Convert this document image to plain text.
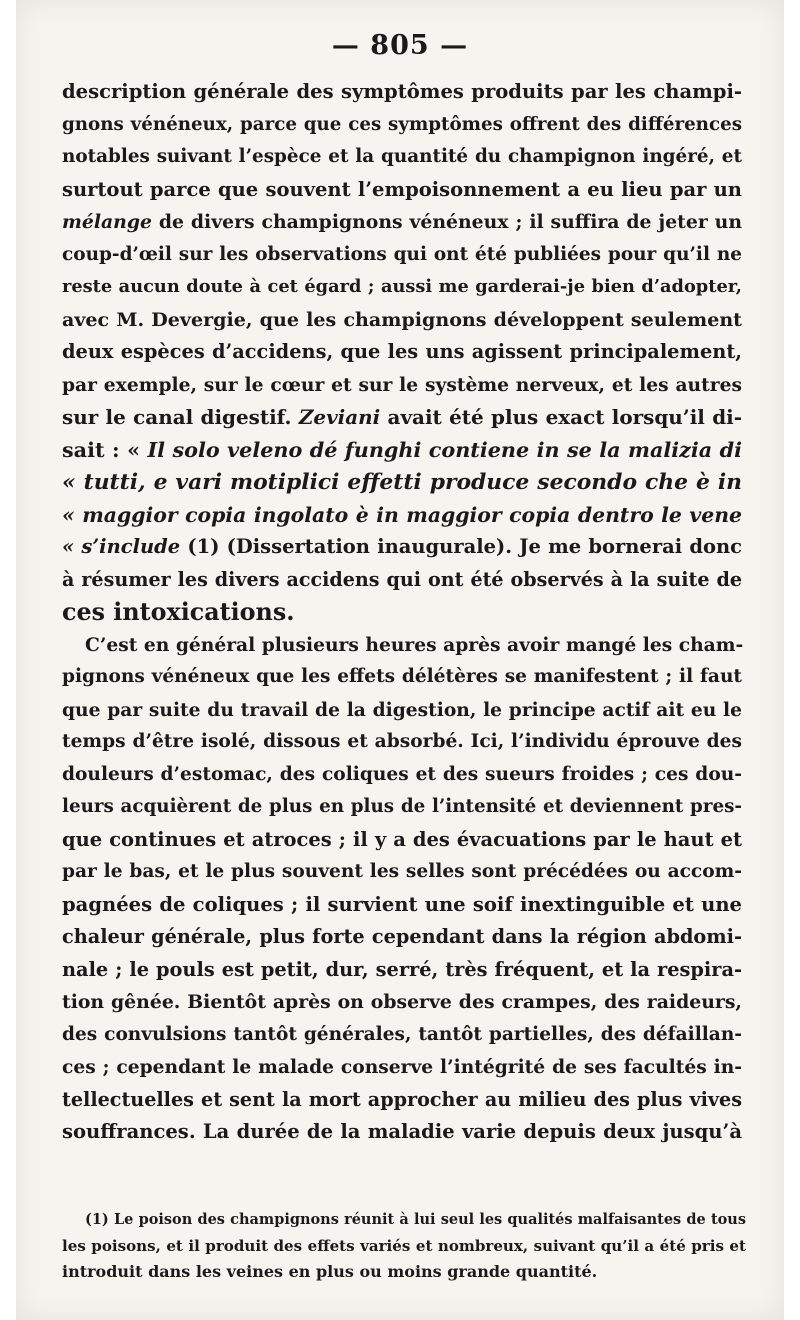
— 805 —
description générale des symptômes produits par les champi-
gnons vénéneux, parce que ces symptômes offrent des différences
notables suivant l’espèce et la quantité du champignon ingéré, et
surtout parce que souvent l’empoisonnement a eu lieu par un
mélange de divers champignons vénéneux ; il suffira de jeter un
coup-d’œil sur les observations qui ont été publiées pour qu’il ne
reste aucun doute à cet égard ; aussi me garderai-je bien d’adopter,
avec M. Devergie, que les champignons développent seulement
deux espèces d’accidens, que les uns agissent principalement,
par exemple, sur le cœur et sur le système nerveux, et les autres
sur le canal digestif. Zeviani avait été plus exact lorsqu’il di-
sait : « Il solo veleno dé funghi contiene in se la malizia di
« tutti, e vari motiplici effetti produce secondo che è in
« maggior copia ingolato è in maggior copia dentro le vene
« s’include (1) (Dissertation inaugurale). Je me bornerai donc
à résumer les divers accidens qui ont été observés à la suite de
ces intoxications.
C’est en général plusieurs heures après avoir mangé les cham-
pignons vénéneux que les effets délétères se manifestent ; il faut
que par suite du travail de la digestion, le principe actif ait eu le
temps d’être isolé, dissous et absorbé. Ici, l’individu éprouve des
douleurs d’estomac, des coliques et des sueurs froides ; ces dou-
leurs acquièrent de plus en plus de l’intensité et deviennent pres-
que continues et atroces ; il y a des évacuations par le haut et
par le bas, et le plus souvent les selles sont précédées ou accom-
pagnées de coliques ; il survient une soif inextinguible et une
chaleur générale, plus forte cependant dans la région abdomi-
nale ; le pouls est petit, dur, serré, très fréquent, et la respira-
tion gênée. Bientôt après on observe des crampes, des raideurs,
des convulsions tantôt générales, tantôt partielles, des défaillan-
ces ; cependant le malade conserve l’intégrité de ses facultés in-
tellectuelles et sent la mort approcher au milieu des plus vives
souffrances. La durée de la maladie varie depuis deux jusqu’à
(1) Le poison des champignons réunit à lui seul les qualités malfaisantes de tous
les poisons, et il produit des effets variés et nombreux, suivant qu’il a été pris et
introduit dans les veines en plus ou moins grande quantité.
